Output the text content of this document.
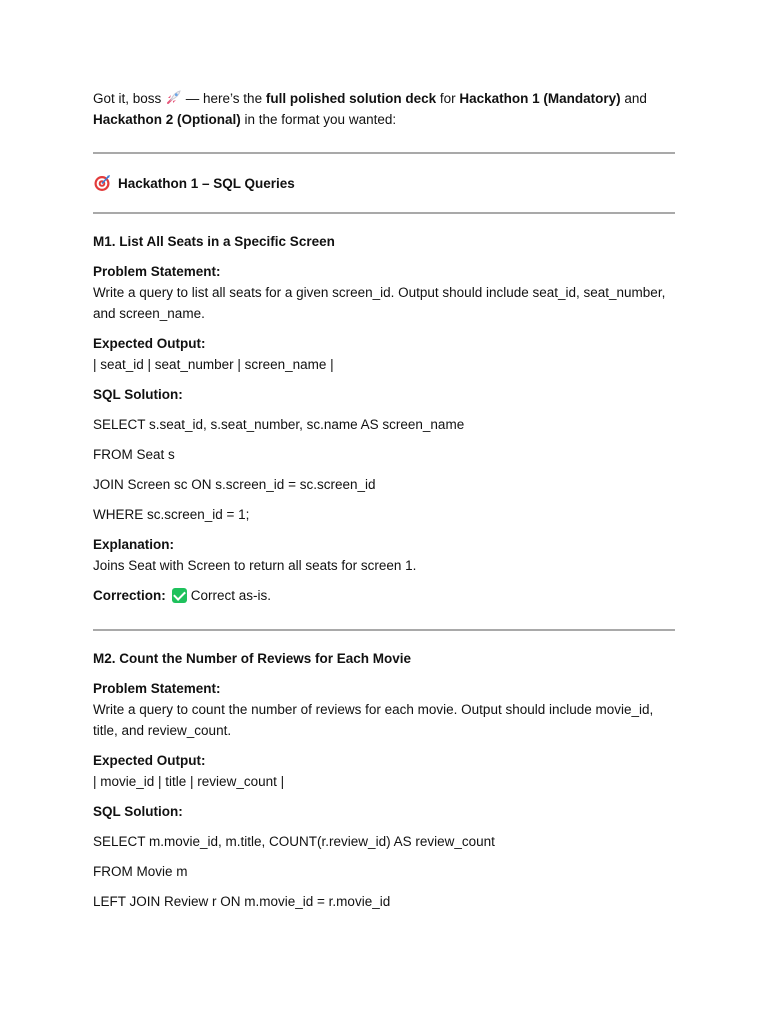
Got it, boss  — here’s the full polished solution deck for Hackathon 1 (Mandatory) and
Hackathon 2 (Optional) in the format you wanted:

Hackathon 1 – SQL Queries

M1. List All Seats in a Specific Screen

Problem Statement:

Write a query to list all seats for a given screen_id. Output should include seat_id, seat_number, and screen_name.

Expected Output:

| seat_id | seat_number | screen_name |

SQL Solution:

SELECT s.seat_id, s.seat_number, sc.name AS screen_name

FROM Seat s

JOIN Screen sc ON s.screen_id = sc.screen_id

WHERE sc.screen_id = 1;

Explanation:

Joins Seat with Screen to return all seats for screen 1.

Correction: Correct as-is.

M2. Count the Number of Reviews for Each Movie

Problem Statement:

Write a query to count the number of reviews for each movie. Output should include movie_id, title, and review_count.

Expected Output:

| movie_id | title | review_count |

SQL Solution:

SELECT m.movie_id, m.title, COUNT(r.review_id) AS review_count

FROM Movie m

LEFT JOIN Review r ON m.movie_id = r.movie_id
